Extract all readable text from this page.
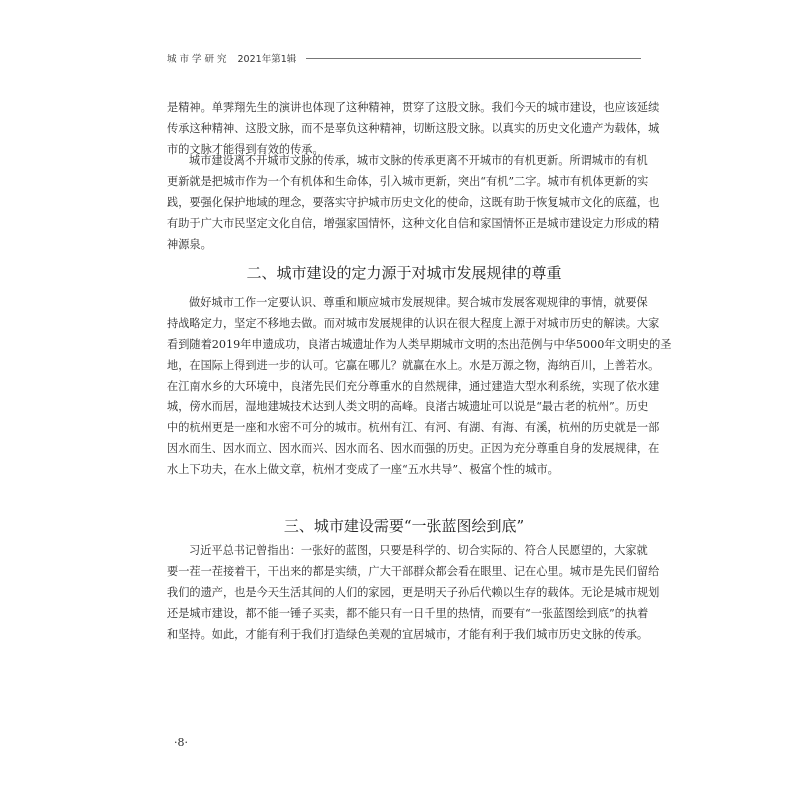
城市学研究 2021年第1辑
是精神。单霁翔先生的演讲也体现了这种精神，贯穿了这股文脉。我们今天的城市建设，也应该延续
传承这种精神、这股文脉，而不是辜负这种精神，切断这股文脉。以真实的历史文化遗产为载体，城
市的文脉才能得到有效的传承。
城市建设离不开城市文脉的传承，城市文脉的传承更离不开城市的有机更新。所谓城市的有机
更新就是把城市作为一个有机体和生命体，引入城市更新，突出“有机”二字。城市有机体更新的实
践，要强化保护地域的理念，要落实守护城市历史文化的使命，这既有助于恢复城市文化的底蕴，也
有助于广大市民坚定文化自信，增强家国情怀，这种文化自信和家国情怀正是城市建设定力形成的精
神源泉。
二、城市建设的定力源于对城市发展规律的尊重
做好城市工作一定要认识、尊重和顺应城市发展规律。契合城市发展客观规律的事情，就要保
持战略定力，坚定不移地去做。而对城市发展规律的认识在很大程度上源于对城市历史的解读。大家
看到随着2019年申遗成功，良渚古城遗址作为人类早期城市文明的杰出范例与中华5000年文明史的圣
地，在国际上得到进一步的认可。它赢在哪儿？就赢在水上。水是万源之物，海纳百川，上善若水。
在江南水乡的大环境中，良渚先民们充分尊重水的自然规律，通过建造大型水利系统，实现了依水建
城，傍水而居，湿地建城技术达到人类文明的高峰。良渚古城遗址可以说是“最古老的杭州”。历史
中的杭州更是一座和水密不可分的城市。杭州有江、有河、有湖、有海、有溪，杭州的历史就是一部
因水而生、因水而立、因水而兴、因水而名、因水而强的历史。正因为充分尊重自身的发展规律，在
水上下功夫，在水上做文章，杭州才变成了一座“五水共导”、极富个性的城市。
三、城市建设需要“一张蓝图绘到底”
习近平总书记曾指出：一张好的蓝图，只要是科学的、切合实际的、符合人民愿望的，大家就
要一茬一茬接着干，干出来的都是实绩，广大干部群众都会看在眼里、记在心里。城市是先民们留给
我们的遗产，也是今天生活其间的人们的家园，更是明天子孙后代赖以生存的载体。无论是城市规划
还是城市建设，都不能一锤子买卖，都不能只有一日千里的热情，而要有“一张蓝图绘到底”的执着
和坚持。如此，才能有利于我们打造绿色美观的宜居城市，才能有利于我们城市历史文脉的传承。
·8·
